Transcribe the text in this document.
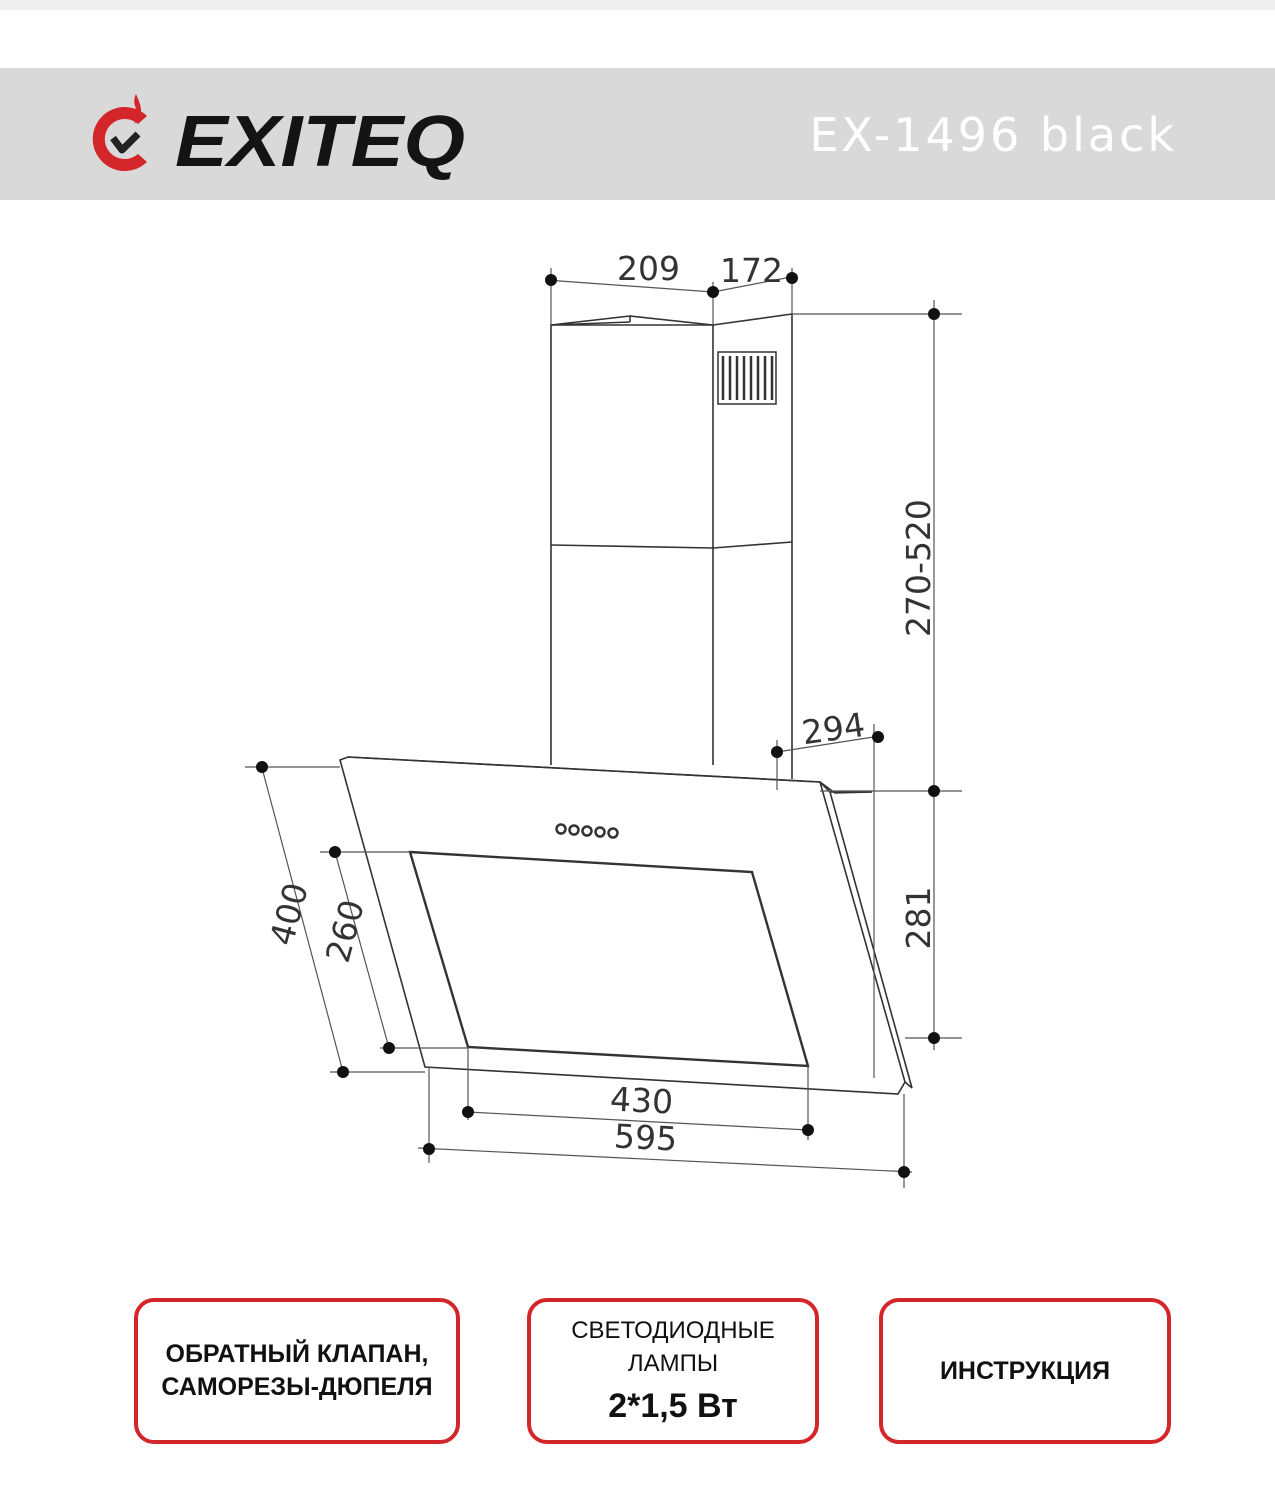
EXITEQ	EX-1496 black
209 172
270-520
294
281
400 260
430
595
ОБРАТНЫЙ КЛАПАН,
САМОРЕЗЫ-ДЮПЕЛЯ
СВЕТОДИОДНЫЕ
ЛАМПЫ
2*1,5 Вт
ИНСТРУКЦИЯ
